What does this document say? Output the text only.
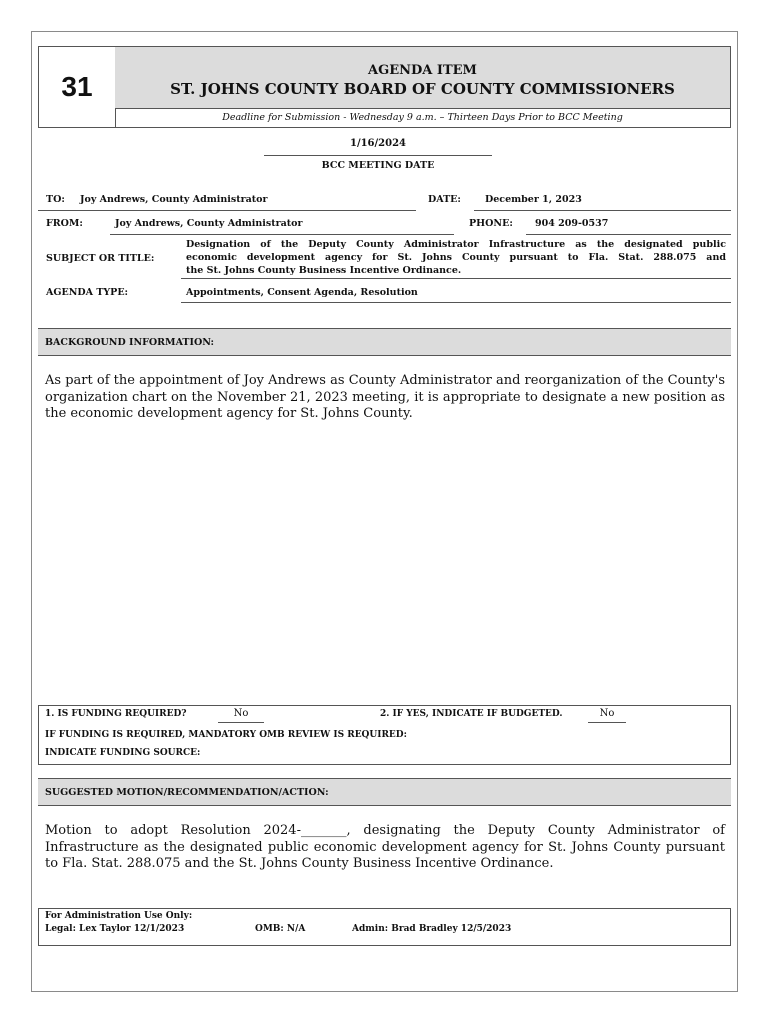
31
AGENDA ITEM
ST. JOHNS COUNTY BOARD OF COUNTY COMMISSIONERS
Deadline for Submission - Wednesday 9 a.m. – Thirteen Days Prior to BCC Meeting
1/16/2024
BCC MEETING DATE
TO: Joy Andrews, County Administrator	DATE:	December 1, 2023
FROM:	Joy Andrews, County Administrator	PHONE: 904 209-0537
SUBJECT OR TITLE:
Designation of the Deputy County Administrator Infrastructure as the designated public
economic development agency for St. Johns County pursuant to Fla. Stat. 288.075 and
the St. Johns County Business Incentive Ordinance.
AGENDA TYPE:	Appointments, Consent Agenda, Resolution
BACKGROUND INFORMATION:
As part of the appointment of Joy Andrews as County Administrator and reorganization of the County's organization chart on the November 21, 2023 meeting, it is appropriate to designate a new position as the economic development agency for St. Johns County.
1. IS FUNDING REQUIRED?	No	2. IF YES, INDICATE IF BUDGETED.	No
IF FUNDING IS REQUIRED, MANDATORY OMB REVIEW IS REQUIRED:
INDICATE FUNDING SOURCE:
SUGGESTED MOTION/RECOMMENDATION/ACTION:
Motion to adopt Resolution 2024-_______, designating the Deputy County Administrator of Infrastructure as the designated public economic development agency for St. Johns County pursuant to Fla. Stat. 288.075 and the St. Johns County Business Incentive Ordinance.
For Administration Use Only:
Legal: Lex Taylor 12/1/2023	OMB: N/A	Admin: Brad Bradley 12/5/2023
